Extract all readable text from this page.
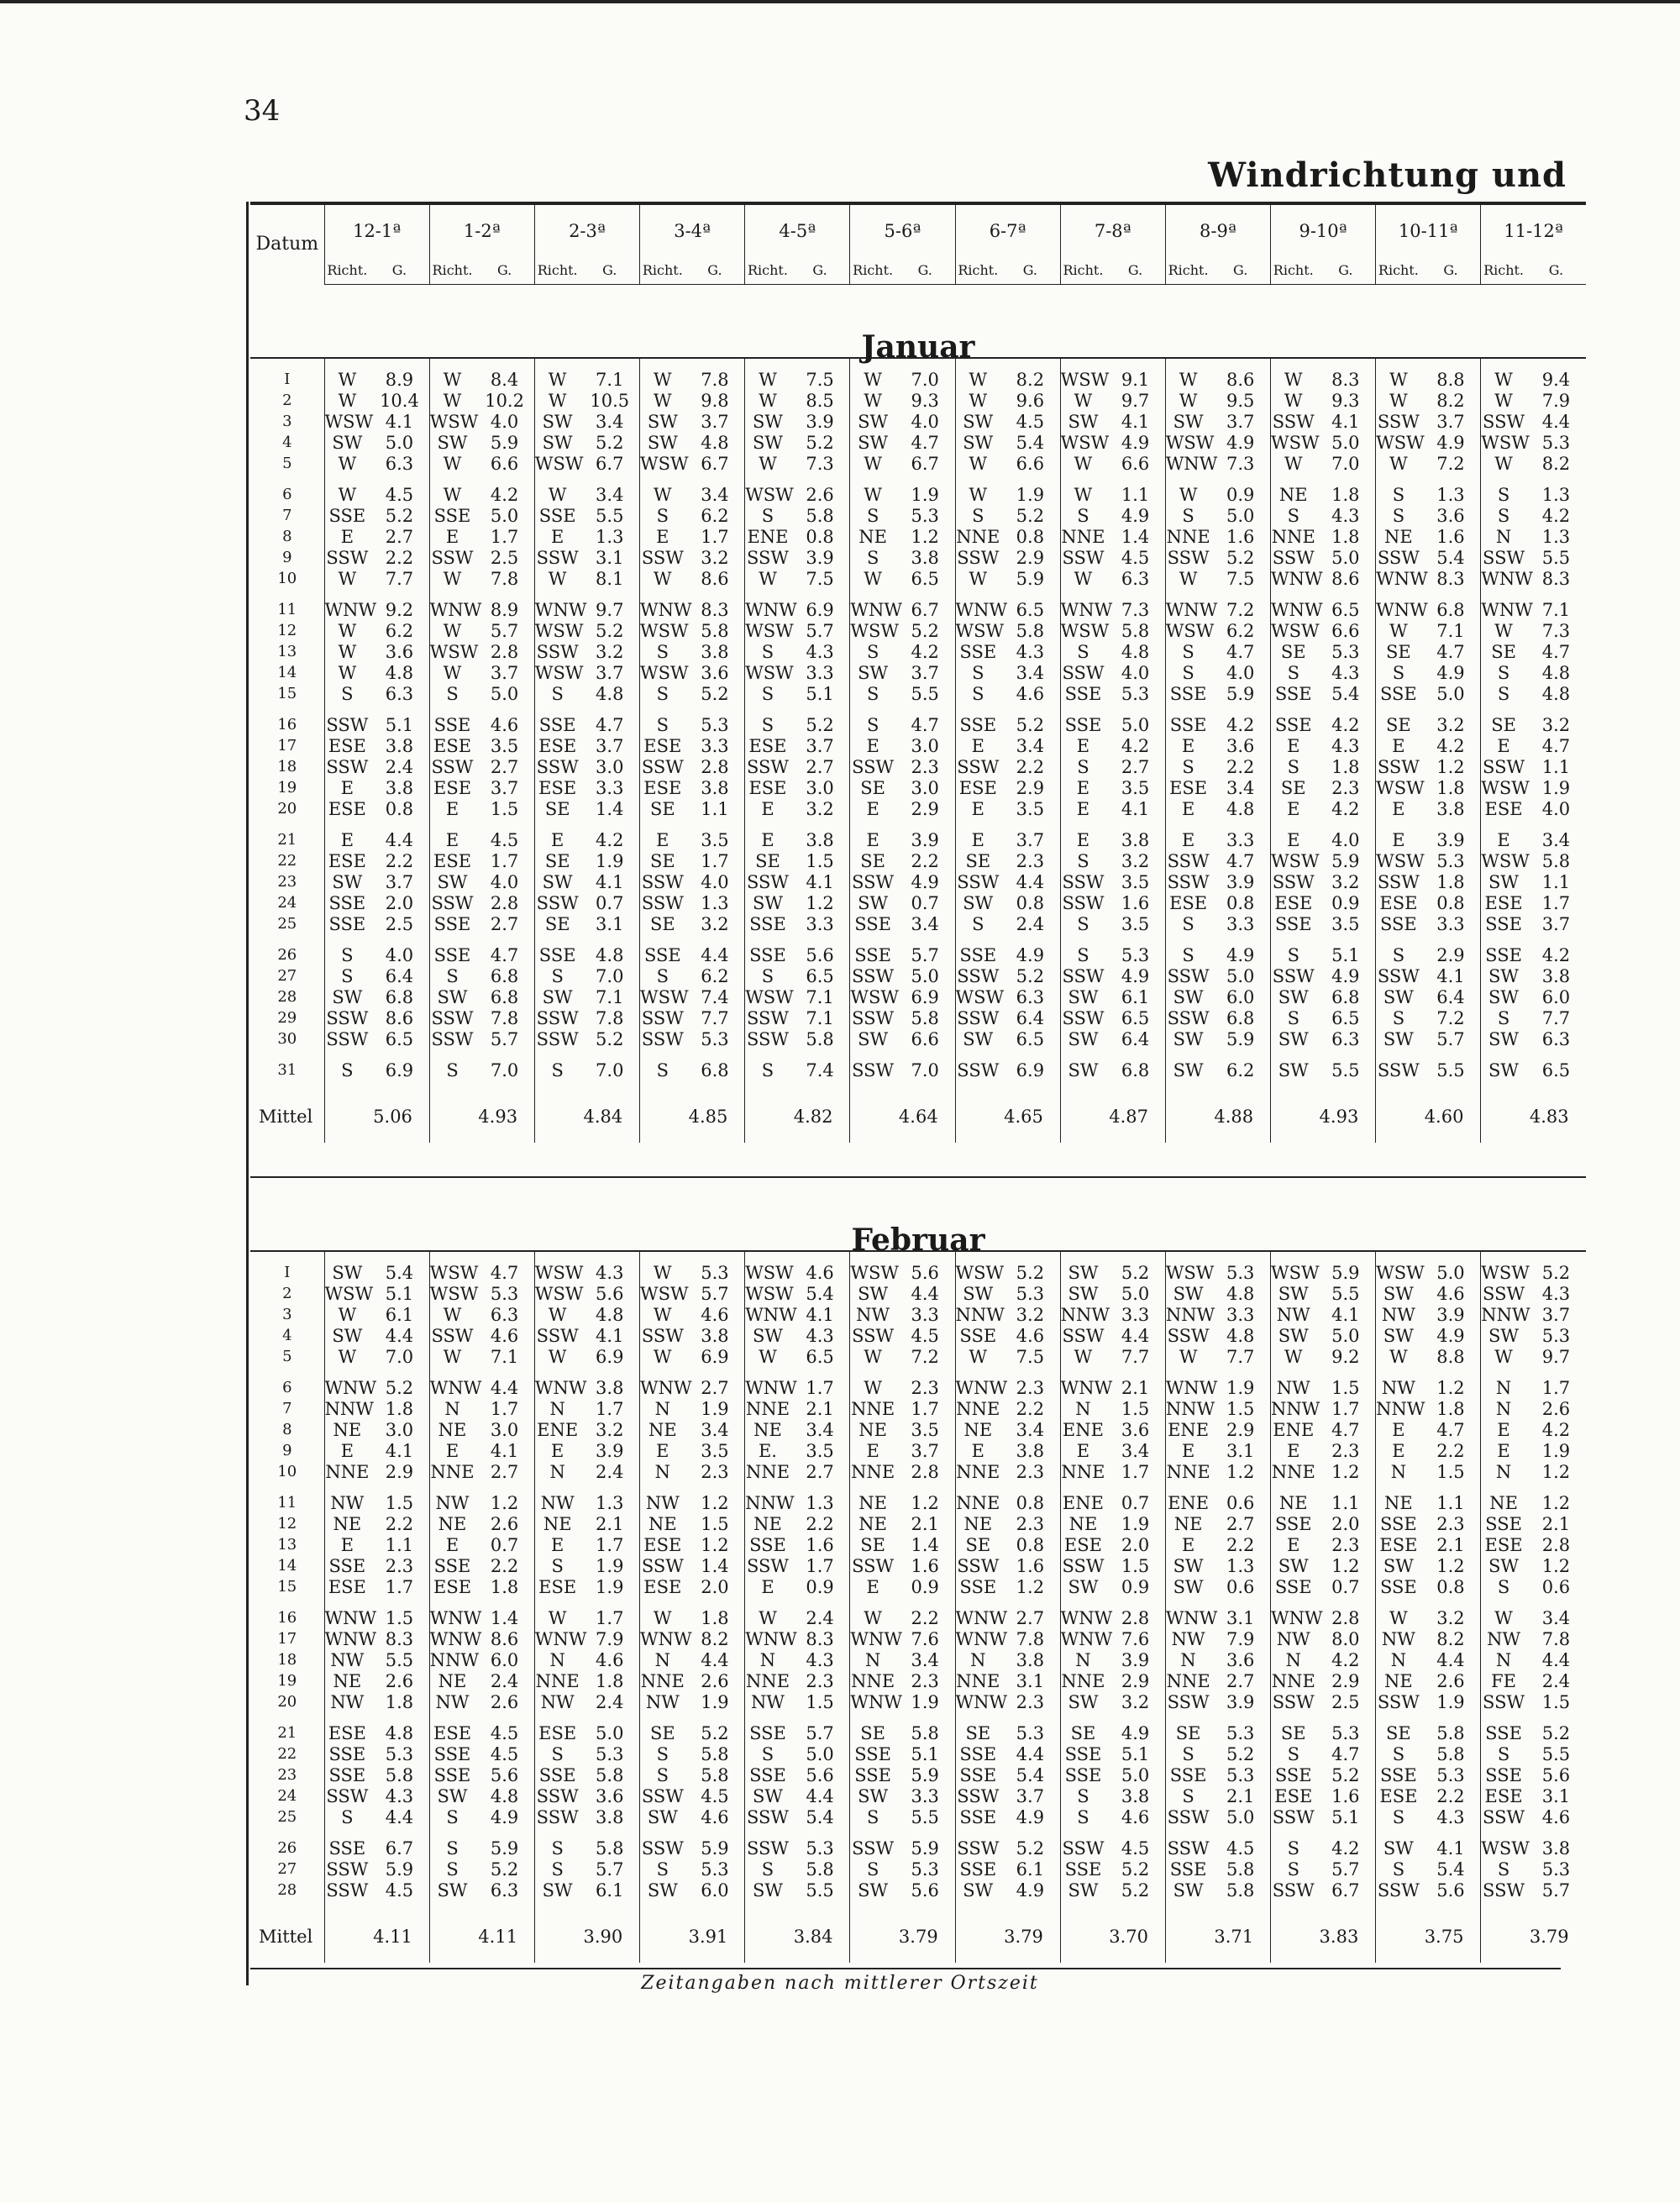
34
Windrichtung und
Datum	12-1ª		1-2ª		2-3ª		3-4ª		4-5ª		5-6ª		6-7ª		7-8ª		8-9ª		9-10ª		10-11ª		11-12ª	
	Richt.	G.	Richt.	G.	Richt.	G.	Richt.	G.	Richt.	G.	Richt.	G.	Richt.	G.	Richt.	G.	Richt.	G.	Richt.	G.	Richt.	G.	Richt.	G.
Januar																								

I	W	8.9	W	8.4	W	7.1	W	7.8	W	7.5	W	7.0	W	8.2	WSW	9.1	W	8.6	W	8.3	W	8.8	W	9.4
2	W	10.4	W	10.2	W	10.5	W	9.8	W	8.5	W	9.3	W	9.6	W	9.7	W	9.5	W	9.3	W	8.2	W	7.9
3	WSW	4.1	WSW	4.0	SW	3.4	SW	3.7	SW	3.9	SW	4.0	SW	4.5	SW	4.1	SW	3.7	SSW	4.1	SSW	3.7	SSW	4.4
4	SW	5.0	SW	5.9	SW	5.2	SW	4.8	SW	5.2	SW	4.7	SW	5.4	WSW	4.9	WSW	4.9	WSW	5.0	WSW	4.9	WSW	5.3
5	W	6.3	W	6.6	WSW	6.7	WSW	6.7	W	7.3	W	6.7	W	6.6	W	6.6	WNW	7.3	W	7.0	W	7.2	W	8.2

6	W	4.5	W	4.2	W	3.4	W	3.4	WSW	2.6	W	1.9	W	1.9	W	1.1	W	0.9	NE	1.8	S	1.3	S	1.3
7	SSE	5.2	SSE	5.0	SSE	5.5	S	6.2	S	5.8	S	5.3	S	5.2	S	4.9	S	5.0	S	4.3	S	3.6	S	4.2
8	E	2.7	E	1.7	E	1.3	E	1.7	ENE	0.8	NE	1.2	NNE	0.8	NNE	1.4	NNE	1.6	NNE	1.8	NE	1.6	N	1.3
9	SSW	2.2	SSW	2.5	SSW	3.1	SSW	3.2	SSW	3.9	S	3.8	SSW	2.9	SSW	4.5	SSW	5.2	SSW	5.0	SSW	5.4	SSW	5.5
10	W	7.7	W	7.8	W	8.1	W	8.6	W	7.5	W	6.5	W	5.9	W	6.3	W	7.5	WNW	8.6	WNW	8.3	WNW	8.3

11	WNW	9.2	WNW	8.9	WNW	9.7	WNW	8.3	WNW	6.9	WNW	6.7	WNW	6.5	WNW	7.3	WNW	7.2	WNW	6.5	WNW	6.8	WNW	7.1
12	W	6.2	W	5.7	WSW	5.2	WSW	5.8	WSW	5.7	WSW	5.2	WSW	5.8	WSW	5.8	WSW	6.2	WSW	6.6	W	7.1	W	7.3
13	W	3.6	WSW	2.8	SSW	3.2	S	3.8	S	4.3	S	4.2	SSE	4.3	S	4.8	S	4.7	SE	5.3	SE	4.7	SE	4.7
14	W	4.8	W	3.7	WSW	3.7	WSW	3.6	WSW	3.3	SW	3.7	S	3.4	SSW	4.0	S	4.0	S	4.3	S	4.9	S	4.8
15	S	6.3	S	5.0	S	4.8	S	5.2	S	5.1	S	5.5	S	4.6	SSE	5.3	SSE	5.9	SSE	5.4	SSE	5.0	S	4.8

16	SSW	5.1	SSE	4.6	SSE	4.7	S	5.3	S	5.2	S	4.7	SSE	5.2	SSE	5.0	SSE	4.2	SSE	4.2	SE	3.2	SE	3.2
17	ESE	3.8	ESE	3.5	ESE	3.7	ESE	3.3	ESE	3.7	E	3.0	E	3.4	E	4.2	E	3.6	E	4.3	E	4.2	E	4.7
18	SSW	2.4	SSW	2.7	SSW	3.0	SSW	2.8	SSW	2.7	SSW	2.3	SSW	2.2	S	2.7	S	2.2	S	1.8	SSW	1.2	SSW	1.1
19	E	3.8	ESE	3.7	ESE	3.3	ESE	3.8	ESE	3.0	SE	3.0	ESE	2.9	E	3.5	ESE	3.4	SE	2.3	WSW	1.8	WSW	1.9
20	ESE	0.8	E	1.5	SE	1.4	SE	1.1	E	3.2	E	2.9	E	3.5	E	4.1	E	4.8	E	4.2	E	3.8	ESE	4.0

21	E	4.4	E	4.5	E	4.2	E	3.5	E	3.8	E	3.9	E	3.7	E	3.8	E	3.3	E	4.0	E	3.9	E	3.4
22	ESE	2.2	ESE	1.7	SE	1.9	SE	1.7	SE	1.5	SE	2.2	SE	2.3	S	3.2	SSW	4.7	WSW	5.9	WSW	5.3	WSW	5.8
23	SW	3.7	SW	4.0	SW	4.1	SSW	4.0	SSW	4.1	SSW	4.9	SSW	4.4	SSW	3.5	SSW	3.9	SSW	3.2	SSW	1.8	SW	1.1
24	SSE	2.0	SSW	2.8	SSW	0.7	SSW	1.3	SW	1.2	SW	0.7	SW	0.8	SSW	1.6	ESE	0.8	ESE	0.9	ESE	0.8	ESE	1.7
25	SSE	2.5	SSE	2.7	SE	3.1	SE	3.2	SSE	3.3	SSE	3.4	S	2.4	S	3.5	S	3.3	SSE	3.5	SSE	3.3	SSE	3.7

26	S	4.0	SSE	4.7	SSE	4.8	SSE	4.4	SSE	5.6	SSE	5.7	SSE	4.9	S	5.3	S	4.9	S	5.1	S	2.9	SSE	4.2
27	S	6.4	S	6.8	S	7.0	S	6.2	S	6.5	SSW	5.0	SSW	5.2	SSW	4.9	SSW	5.0	SSW	4.9	SSW	4.1	SW	3.8
28	SW	6.8	SW	6.8	SW	7.1	WSW	7.4	WSW	7.1	WSW	6.9	WSW	6.3	SW	6.1	SW	6.0	SW	6.8	SW	6.4	SW	6.0
29	SSW	8.6	SSW	7.8	SSW	7.8	SSW	7.7	SSW	7.1	SSW	5.8	SSW	6.4	SSW	6.5	SSW	6.8	S	6.5	S	7.2	S	7.7
30	SSW	6.5	SSW	5.7	SSW	5.2	SSW	5.3	SSW	5.8	SW	6.6	SW	6.5	SW	6.4	SW	5.9	SW	6.3	SW	5.7	SW	6.3

31	S	6.9	S	7.0	S	7.0	S	6.8	S	7.4	SSW	7.0	SSW	6.9	SW	6.8	SW	6.2	SW	5.5	SSW	5.5	SW	6.5

Mittel		5.06		4.93		4.84		4.85		4.82		4.64		4.65		4.87		4.88		4.93		4.60		4.83

Februar																								

I	SW	5.4	WSW	4.7	WSW	4.3	W	5.3	WSW	4.6	WSW	5.6	WSW	5.2	SW	5.2	WSW	5.3	WSW	5.9	WSW	5.0	WSW	5.2
2	WSW	5.1	WSW	5.3	WSW	5.6	WSW	5.7	WSW	5.4	SW	4.4	SW	5.3	SW	5.0	SW	4.8	SW	5.5	SW	4.6	SSW	4.3
3	W	6.1	W	6.3	W	4.8	W	4.6	WNW	4.1	NW	3.3	NNW	3.2	NNW	3.3	NNW	3.3	NW	4.1	NW	3.9	NNW	3.7
4	SW	4.4	SSW	4.6	SSW	4.1	SSW	3.8	SW	4.3	SSW	4.5	SSE	4.6	SSW	4.4	SSW	4.8	SW	5.0	SW	4.9	SW	5.3
5	W	7.0	W	7.1	W	6.9	W	6.9	W	6.5	W	7.2	W	7.5	W	7.7	W	7.7	W	9.2	W	8.8	W	9.7

6	WNW	5.2	WNW	4.4	WNW	3.8	WNW	2.7	WNW	1.7	W	2.3	WNW	2.3	WNW	2.1	WNW	1.9	NW	1.5	NW	1.2	N	1.7
7	NNW	1.8	N	1.7	N	1.7	N	1.9	NNE	2.1	NNE	1.7	NNE	2.2	N	1.5	NNW	1.5	NNW	1.7	NNW	1.8	N	2.6
8	NE	3.0	NE	3.0	ENE	3.2	NE	3.4	NE	3.4	NE	3.5	NE	3.4	ENE	3.6	ENE	2.9	ENE	4.7	E	4.7	E	4.2
9	E	4.1	E	4.1	E	3.9	E	3.5	E.	3.5	E	3.7	E	3.8	E	3.4	E	3.1	E	2.3	E	2.2	E	1.9
10	NNE	2.9	NNE	2.7	N	2.4	N	2.3	NNE	2.7	NNE	2.8	NNE	2.3	NNE	1.7	NNE	1.2	NNE	1.2	N	1.5	N	1.2

11	NW	1.5	NW	1.2	NW	1.3	NW	1.2	NNW	1.3	NE	1.2	NNE	0.8	ENE	0.7	ENE	0.6	NE	1.1	NE	1.1	NE	1.2
12	NE	2.2	NE	2.6	NE	2.1	NE	1.5	NE	2.2	NE	2.1	NE	2.3	NE	1.9	NE	2.7	SSE	2.0	SSE	2.3	SSE	2.1
13	E	1.1	E	0.7	E	1.7	ESE	1.2	SSE	1.6	SE	1.4	SE	0.8	ESE	2.0	E	2.2	E	2.3	ESE	2.1	ESE	2.8
14	SSE	2.3	SSE	2.2	S	1.9	SSW	1.4	SSW	1.7	SSW	1.6	SSW	1.6	SSW	1.5	SW	1.3	SW	1.2	SW	1.2	SW	1.2
15	ESE	1.7	ESE	1.8	ESE	1.9	ESE	2.0	E	0.9	E	0.9	SSE	1.2	SW	0.9	SW	0.6	SSE	0.7	SSE	0.8	S	0.6

16	WNW	1.5	WNW	1.4	W	1.7	W	1.8	W	2.4	W	2.2	WNW	2.7	WNW	2.8	WNW	3.1	WNW	2.8	W	3.2	W	3.4
17	WNW	8.3	WNW	8.6	WNW	7.9	WNW	8.2	WNW	8.3	WNW	7.6	WNW	7.8	WNW	7.6	NW	7.9	NW	8.0	NW	8.2	NW	7.8
18	NW	5.5	NNW	6.0	N	4.6	N	4.4	N	4.3	N	3.4	N	3.8	N	3.9	N	3.6	N	4.2	N	4.4	N	4.4
19	NE	2.6	NE	2.4	NNE	1.8	NNE	2.6	NNE	2.3	NNE	2.3	NNE	3.1	NNE	2.9	NNE	2.7	NNE	2.9	NE	2.6	FE	2.4
20	NW	1.8	NW	2.6	NW	2.4	NW	1.9	NW	1.5	WNW	1.9	WNW	2.3	SW	3.2	SSW	3.9	SSW	2.5	SSW	1.9	SSW	1.5

21	ESE	4.8	ESE	4.5	ESE	5.0	SE	5.2	SSE	5.7	SE	5.8	SE	5.3	SE	4.9	SE	5.3	SE	5.3	SE	5.8	SSE	5.2
22	SSE	5.3	SSE	4.5	S	5.3	S	5.8	S	5.0	SSE	5.1	SSE	4.4	SSE	5.1	S	5.2	S	4.7	S	5.8	S	5.5
23	SSE	5.8	SSE	5.6	SSE	5.8	S	5.8	SSE	5.6	SSE	5.9	SSE	5.4	SSE	5.0	SSE	5.3	SSE	5.2	SSE	5.3	SSE	5.6
24	SSW	4.3	SW	4.8	SSW	3.6	SSW	4.5	SW	4.4	SW	3.3	SSW	3.7	S	3.8	S	2.1	ESE	1.6	ESE	2.2	ESE	3.1
25	S	4.4	S	4.9	SSW	3.8	SW	4.6	SSW	5.4	S	5.5	SSE	4.9	S	4.6	SSW	5.0	SSW	5.1	S	4.3	SSW	4.6

26	SSE	6.7	S	5.9	S	5.8	SSW	5.9	SSW	5.3	SSW	5.9	SSW	5.2	SSW	4.5	SSW	4.5	S	4.2	SW	4.1	WSW	3.8
27	SSW	5.9	S	5.2	S	5.7	S	5.3	S	5.8	S	5.3	SSE	6.1	SSE	5.2	SSE	5.8	S	5.7	S	5.4	S	5.3
28	SSW	4.5	SW	6.3	SW	6.1	SW	6.0	SW	5.5	SW	5.6	SW	4.9	SW	5.2	SW	5.8	SSW	6.7	SSW	5.6	SSW	5.7

Mittel		4.11		4.11		3.90		3.91		3.84		3.79		3.79		3.70		3.71		3.83		3.75		3.79
Zeitangaben nach mittlerer Ortszeit
